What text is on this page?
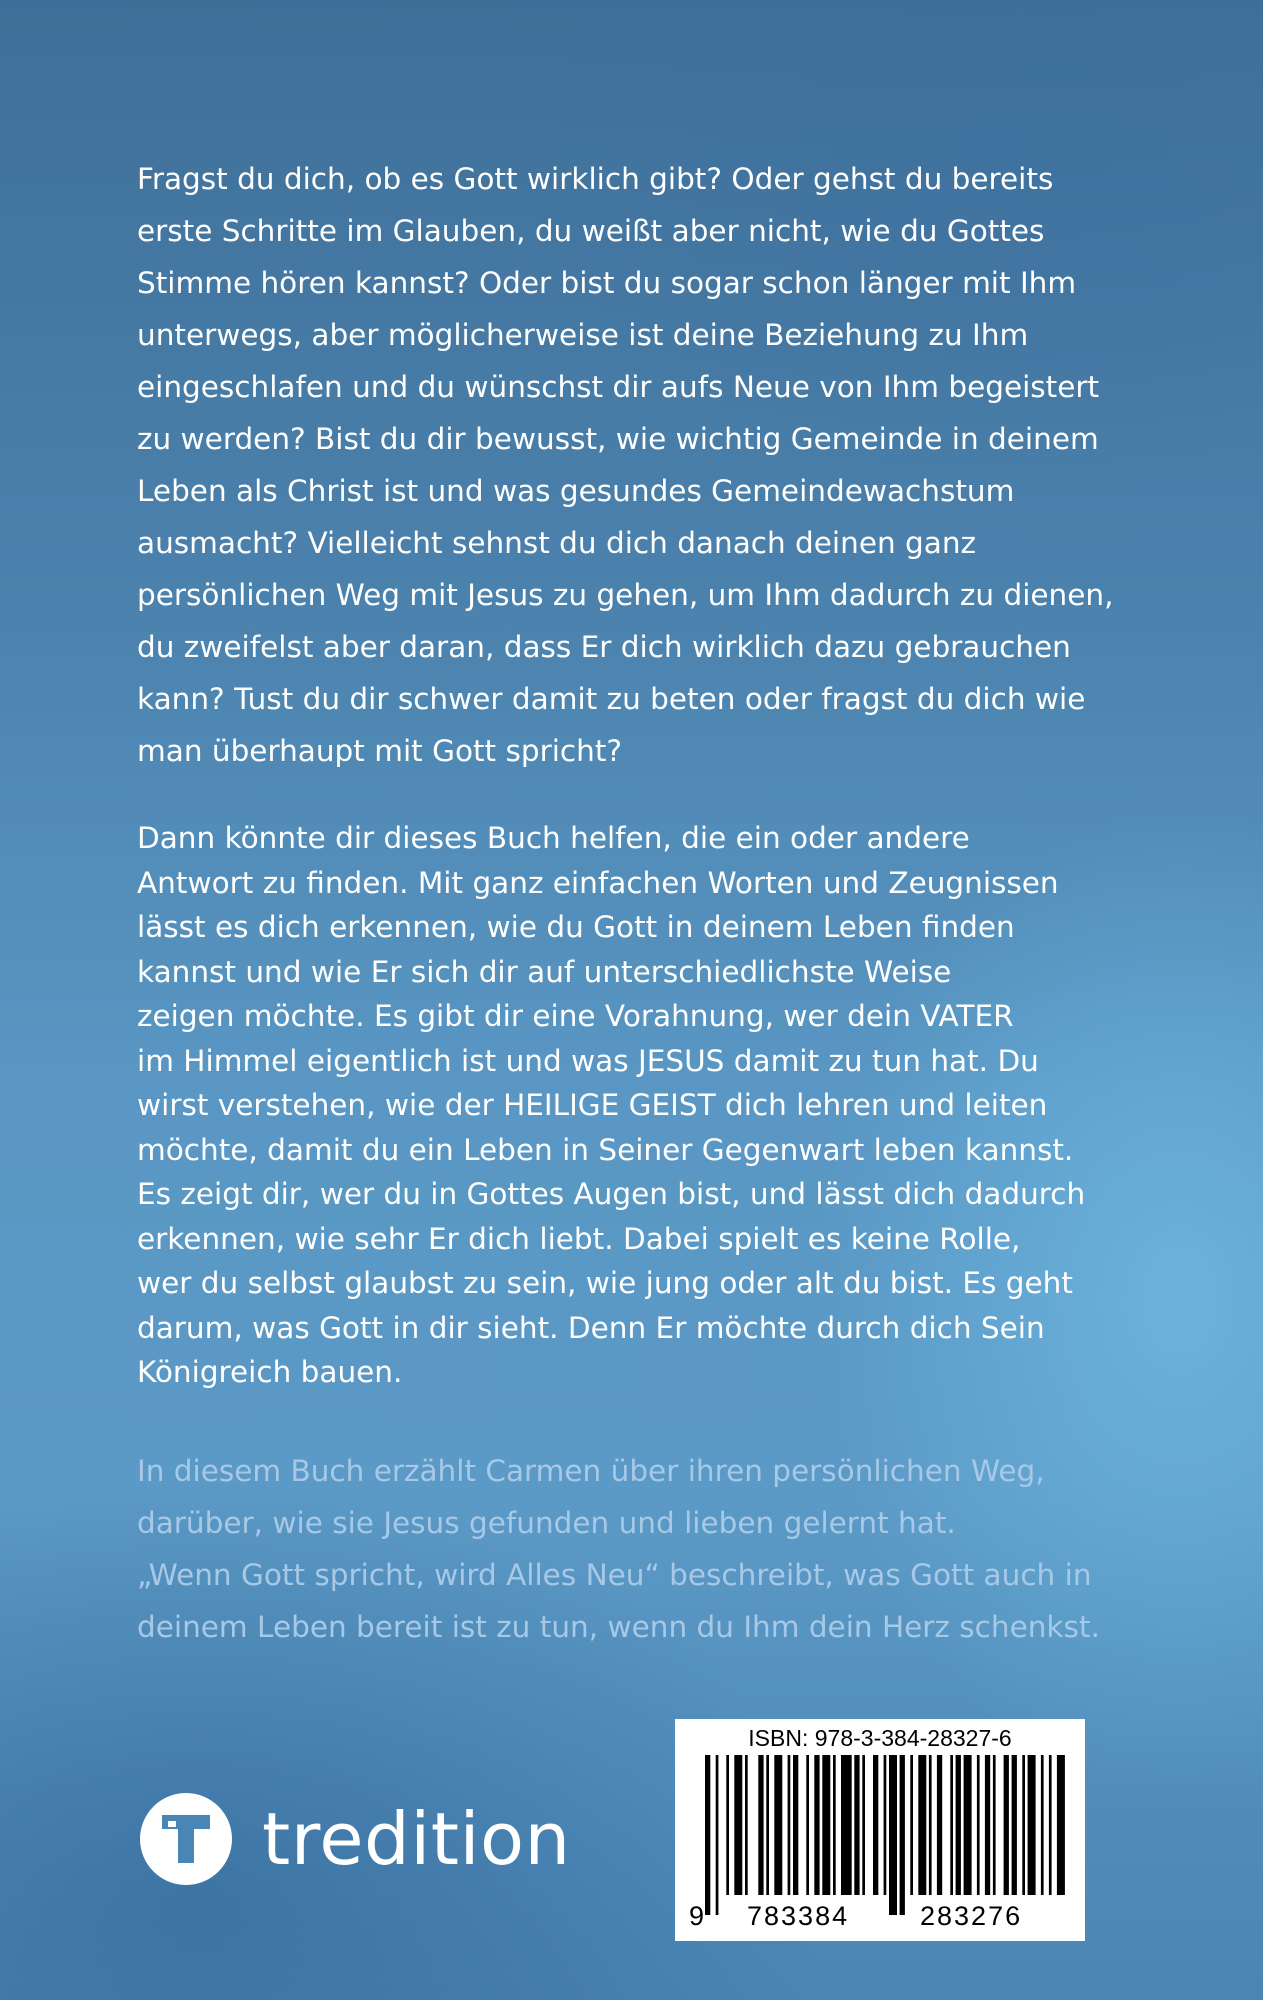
Fragst du dich, ob es Gott wirklich gibt? Oder gehst du bereits
erste Schritte im Glauben, du weißt aber nicht, wie du Gottes
Stimme hören kannst? Oder bist du sogar schon länger mit Ihm
unterwegs, aber möglicherweise ist deine Beziehung zu Ihm
eingeschlafen und du wünschst dir aufs Neue von Ihm begeistert
zu werden? Bist du dir bewusst, wie wichtig Gemeinde in deinem
Leben als Christ ist und was gesundes Gemeindewachstum
ausmacht? Vielleicht sehnst du dich danach deinen ganz
persönlichen Weg mit Jesus zu gehen, um Ihm dadurch zu dienen,
du zweifelst aber daran, dass Er dich wirklich dazu gebrauchen
kann? Tust du dir schwer damit zu beten oder fragst du dich wie
man überhaupt mit Gott spricht?

Dann könnte dir dieses Buch helfen, die ein oder andere
Antwort zu finden. Mit ganz einfachen Worten und Zeugnissen
lässt es dich erkennen, wie du Gott in deinem Leben finden
kannst und wie Er sich dir auf unterschiedlichste Weise
zeigen möchte. Es gibt dir eine Vorahnung, wer dein VATER
im Himmel eigentlich ist und was JESUS damit zu tun hat. Du
wirst verstehen, wie der HEILIGE GEIST dich lehren und leiten
möchte, damit du ein Leben in Seiner Gegenwart leben kannst.
Es zeigt dir, wer du in Gottes Augen bist, und lässt dich dadurch
erkennen, wie sehr Er dich liebt. Dabei spielt es keine Rolle,
wer du selbst glaubst zu sein, wie jung oder alt du bist. Es geht
darum, was Gott in dir sieht. Denn Er möchte durch dich Sein
Königreich bauen.

In diesem Buch erzählt Carmen über ihren persönlichen Weg,
darüber, wie sie Jesus gefunden und lieben gelernt hat.
„Wenn Gott spricht, wird Alles Neu“ beschreibt, was Gott auch in
deinem Leben bereit ist zu tun, wenn du Ihm dein Herz schenkst.

tredition
ISBN: 978-3-384-28327-6
9 783384	283276
